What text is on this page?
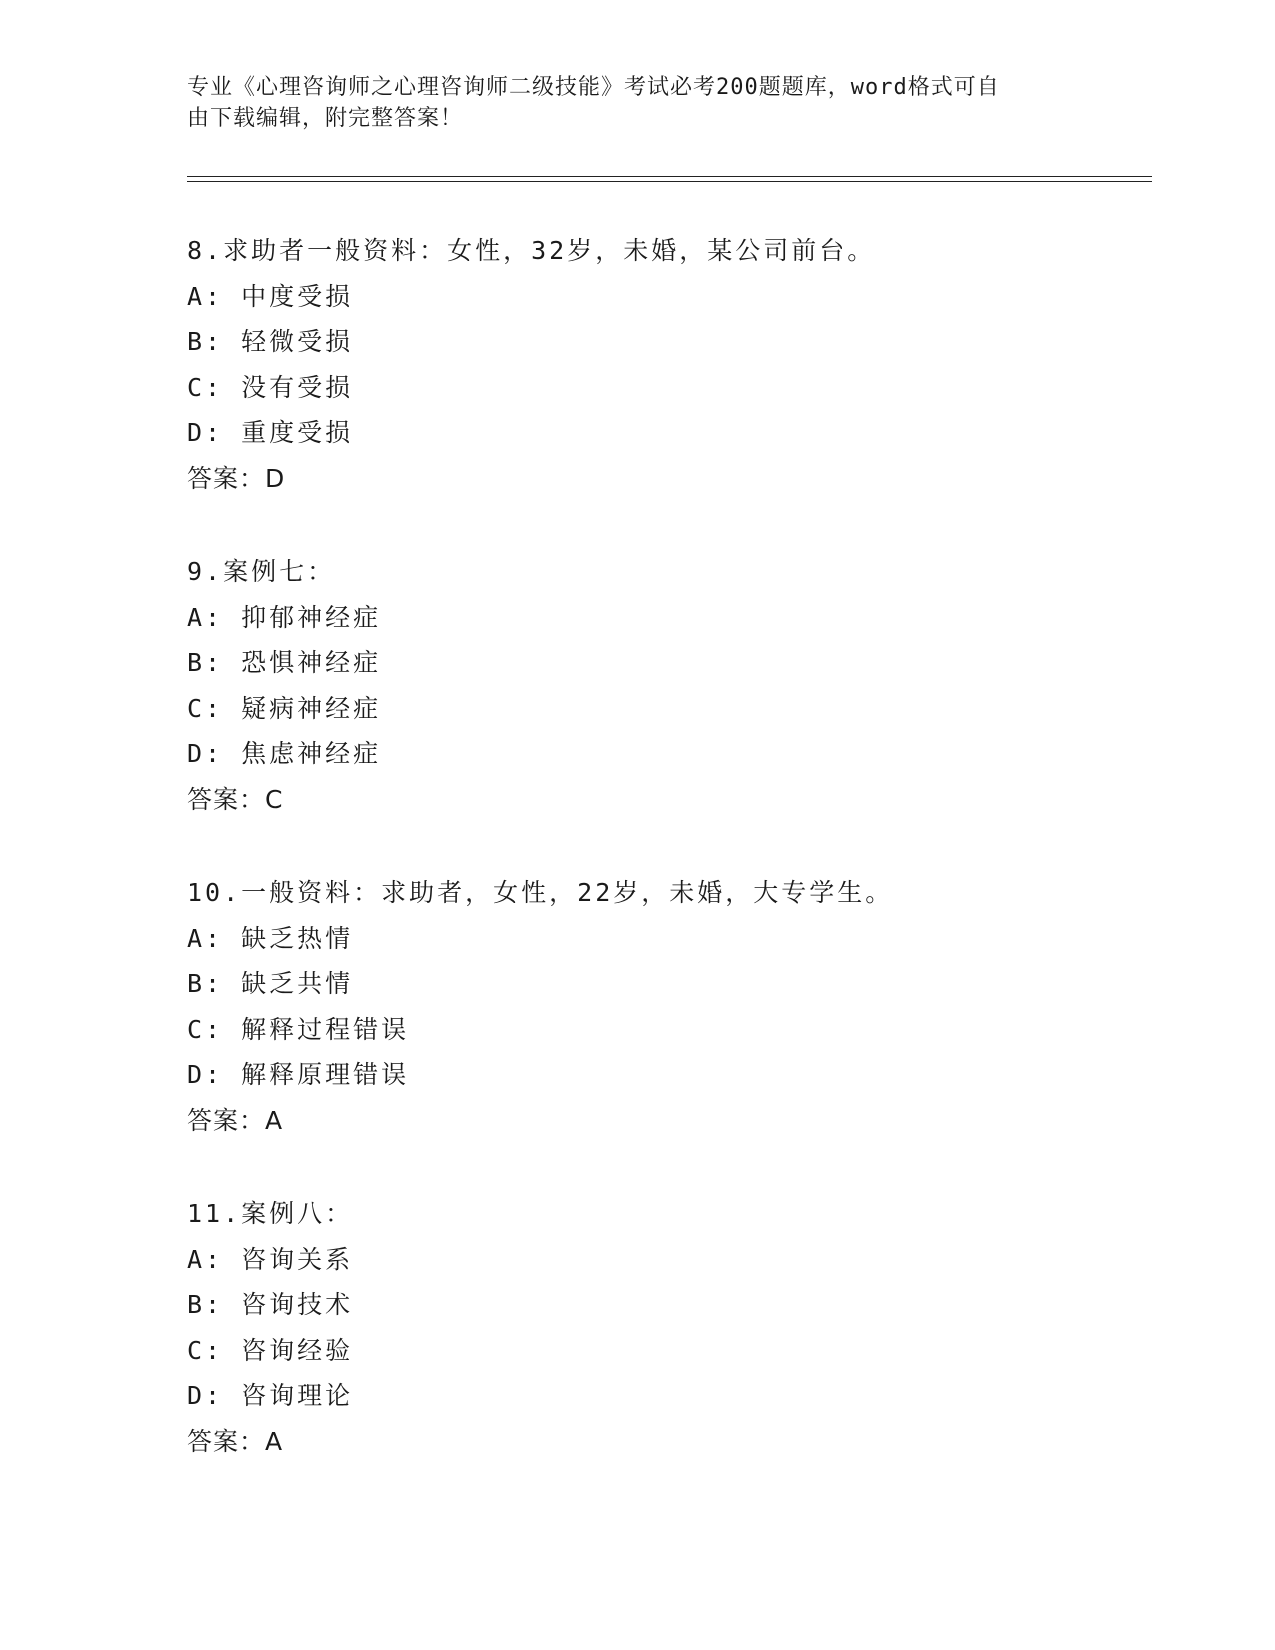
专业《心理咨询师之心理咨询师二级技能》考试必考200题题库，word格式可自
由下载编辑，附完整答案！
8.求助者一般资料：女性，32岁，未婚，某公司前台。
A: 中度受损
B: 轻微受损
C: 没有受损
D: 重度受损
答案：D
9.案例七：
A: 抑郁神经症
B: 恐惧神经症
C: 疑病神经症
D: 焦虑神经症
答案：C
10.一般资料：求助者，女性，22岁，未婚，大专学生。
A: 缺乏热情
B: 缺乏共情
C: 解释过程错误
D: 解释原理错误
答案：A
11.案例八：
A: 咨询关系
B: 咨询技术
C: 咨询经验
D: 咨询理论
答案：A
